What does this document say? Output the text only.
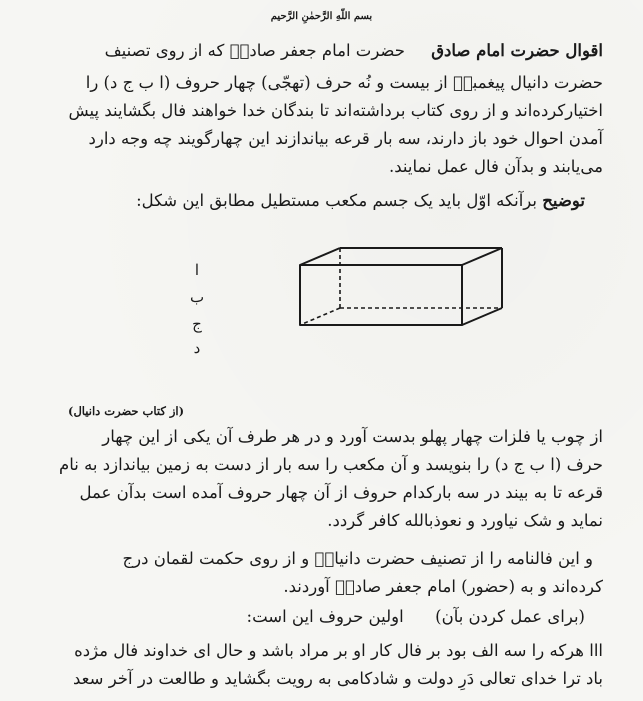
بسم اللّهِ الرَّحمٰنِ الرَّحیم
اقوال حضرت امام صادق     حضرت امام جعفر صادقؑ که از روی تصنیف
حضرت دانیال پیغمبرؑ از بیست و نُه حرف (تهجّی) چهار حروف (ا ب ج د) را
اختیارکرده‌اند و از روی کتاب برداشته‌اند تا بندگان خدا خواهند فال بگشایند پیش
آمدن احوال خود باز دارند، سه بار قرعه بیاندازند این چهارگویند چه وجه دارد
می‌یابند و بدآن فال عمل نمایند.
توضیح برآنکه اوّل باید یک جسم مکعب مستطیل مطابق این شکل:
ا
ب
ج
د
(از کتاب حضرت دانیال)
از چوب یا فلزات چهار پهلو بدست آورد و در هر طرف آن یکی از این چهار
حرف (ا ب ج د) را بنویسد و آن مکعب را سه بار از دست به زمین بیاندازد به نام
قرعه تا به بیند در سه بارکدام حروف از آن چهار حروف آمده است بدآن عمل
نماید و شک نیاورد و نعوذبالله کافر گردد.
و این فالنامه را از تصنیف حضرت دانیالؑ و از روی حکمت لقمان درج
کرده‌اند و به (حضور) امام جعفر صادقؑ آوردند.
(برای عمل کردن بآن)      اولین حروف این است:
ااا هرکه را سه الف بود بر فال کار او بر مراد باشد و حال ای خداوند فال مژده
باد ترا خدای تعالی دَرِ دولت و شادکامی به رویت بگشاید و طالعت در آخر سعد
